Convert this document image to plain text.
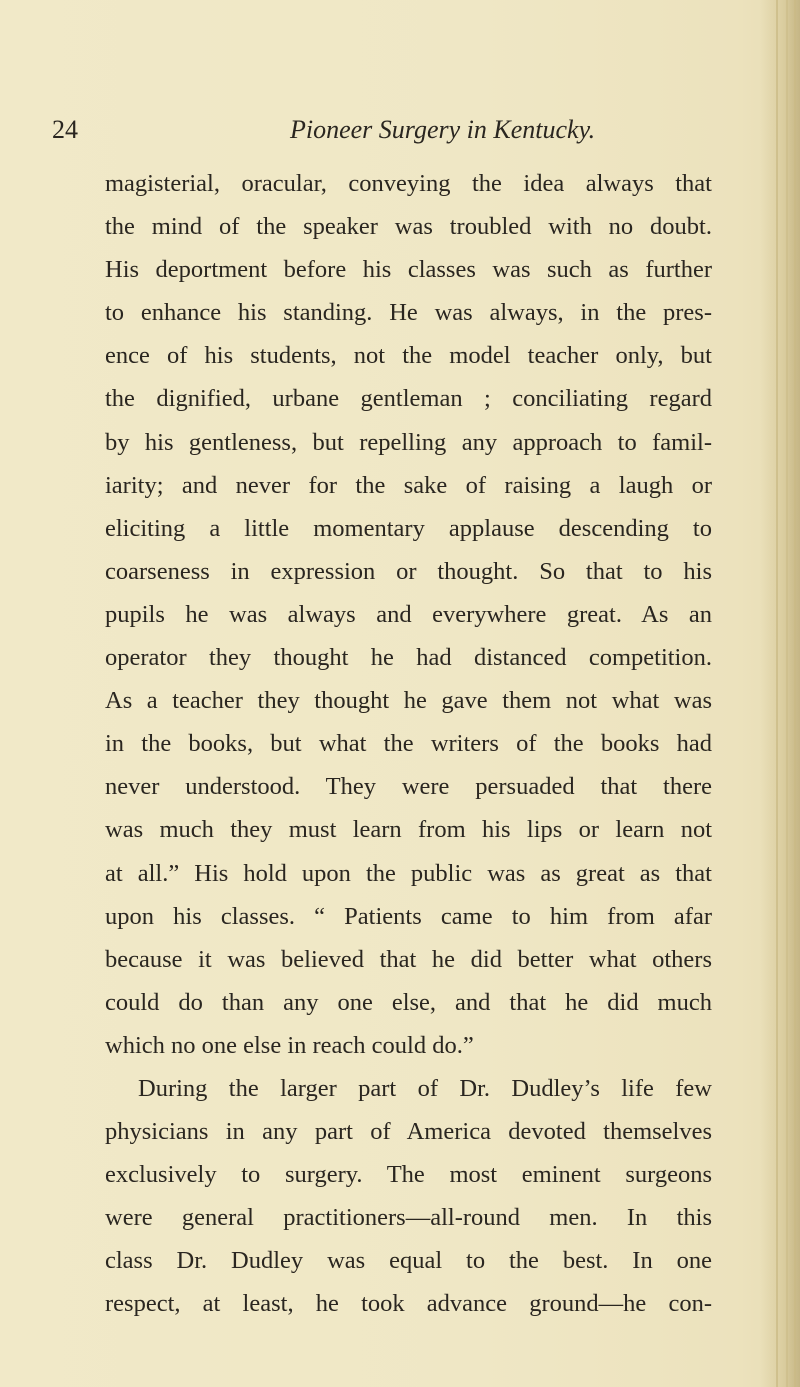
24	Pioneer Surgery in Kentucky.
magisterial, oracular, conveying the idea always that
the mind of the speaker was troubled with no doubt.
His deportment before his classes was such as further
to enhance his standing. He was always, in the pres-
ence of his students, not the model teacher only, but
the dignified, urbane gentleman ; conciliating regard
by his gentleness, but repelling any approach to famil-
iarity; and never for the sake of raising a laugh or
eliciting a little momentary applause descending to
coarseness in expression or thought. So that to his
pupils he was always and everywhere great. As an
operator they thought he had distanced competition.
As a teacher they thought he gave them not what was
in the books, but what the writers of the books had
never understood. They were persuaded that there
was much they must learn from his lips or learn not
at all.” His hold upon the public was as great as that
upon his classes. “ Patients came to him from afar
because it was believed that he did better what others
could do than any one else, and that he did much
which no one else in reach could do.”
During the larger part of Dr. Dudley’s life few
physicians in any part of America devoted themselves
exclusively to surgery. The most eminent surgeons
were general practitioners—all-round men. In this
class Dr. Dudley was equal to the best. In one
respect, at least, he took advance ground—he con-
